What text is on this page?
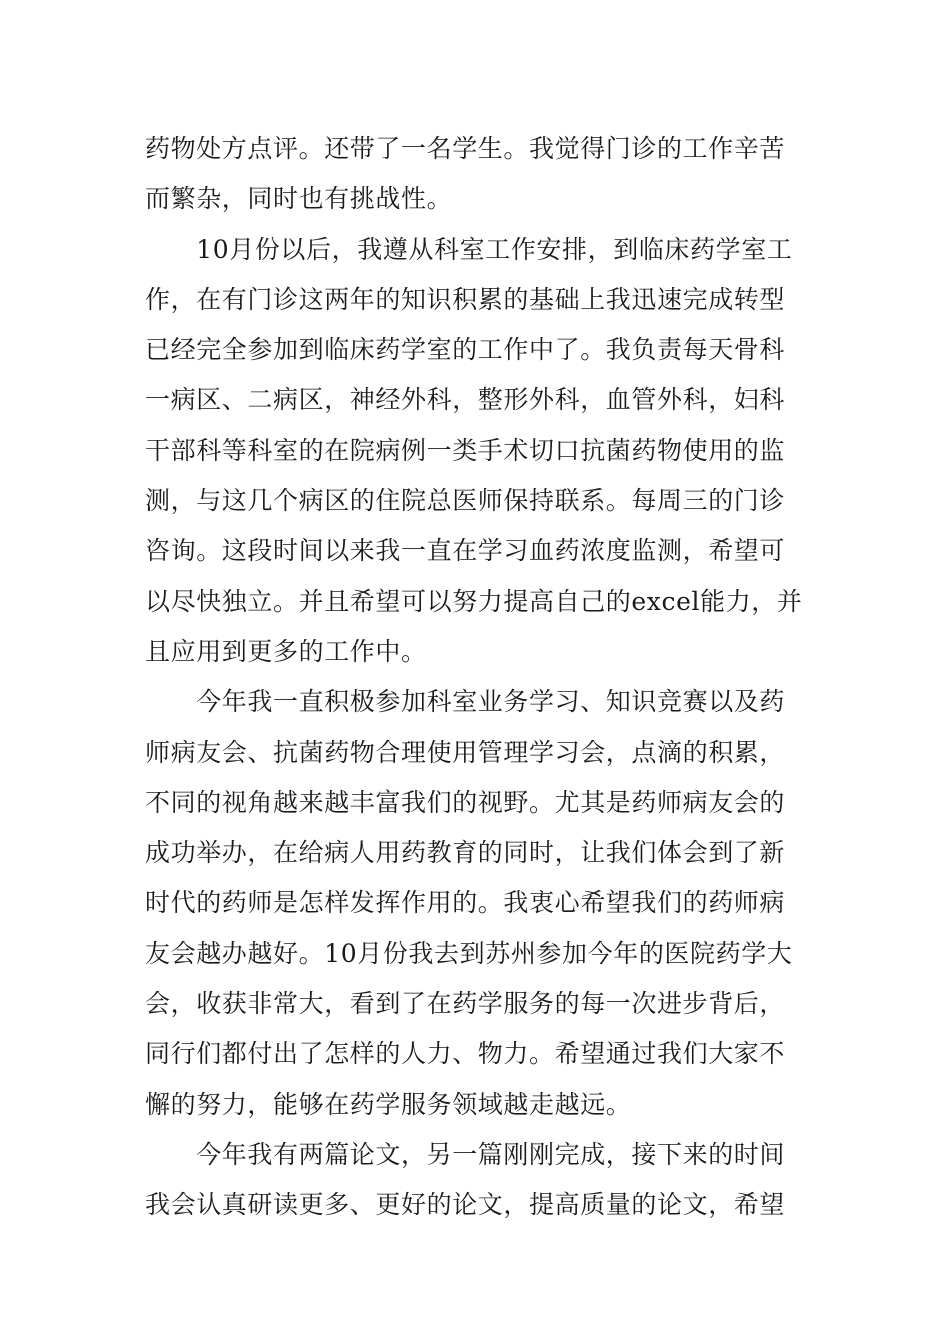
药物处方点评。还带了一名学生。我觉得门诊的工作辛苦
而繁杂，同时也有挑战性。
　　10月份以后，我遵从科室工作安排，到临床药学室工
作，在有门诊这两年的知识积累的基础上我迅速完成转型
已经完全参加到临床药学室的工作中了。我负责每天骨科
一病区、二病区，神经外科，整形外科，血管外科，妇科
干部科等科室的在院病例一类手术切口抗菌药物使用的监
测，与这几个病区的住院总医师保持联系。每周三的门诊
咨询。这段时间以来我一直在学习血药浓度监测，希望可
以尽快独立。并且希望可以努力提高自己的excel能力，并
且应用到更多的工作中。
　　今年我一直积极参加科室业务学习、知识竞赛以及药
师病友会、抗菌药物合理使用管理学习会，点滴的积累，
不同的视角越来越丰富我们的视野。尤其是药师病友会的
成功举办，在给病人用药教育的同时，让我们体会到了新
时代的药师是怎样发挥作用的。我衷心希望我们的药师病
友会越办越好。10月份我去到苏州参加今年的医院药学大
会，收获非常大，看到了在药学服务的每一次进步背后，
同行们都付出了怎样的人力、物力。希望通过我们大家不
懈的努力，能够在药学服务领域越走越远。
　　今年我有两篇论文，另一篇刚刚完成，接下来的时间
我会认真研读更多、更好的论文，提高质量的论文，希望
